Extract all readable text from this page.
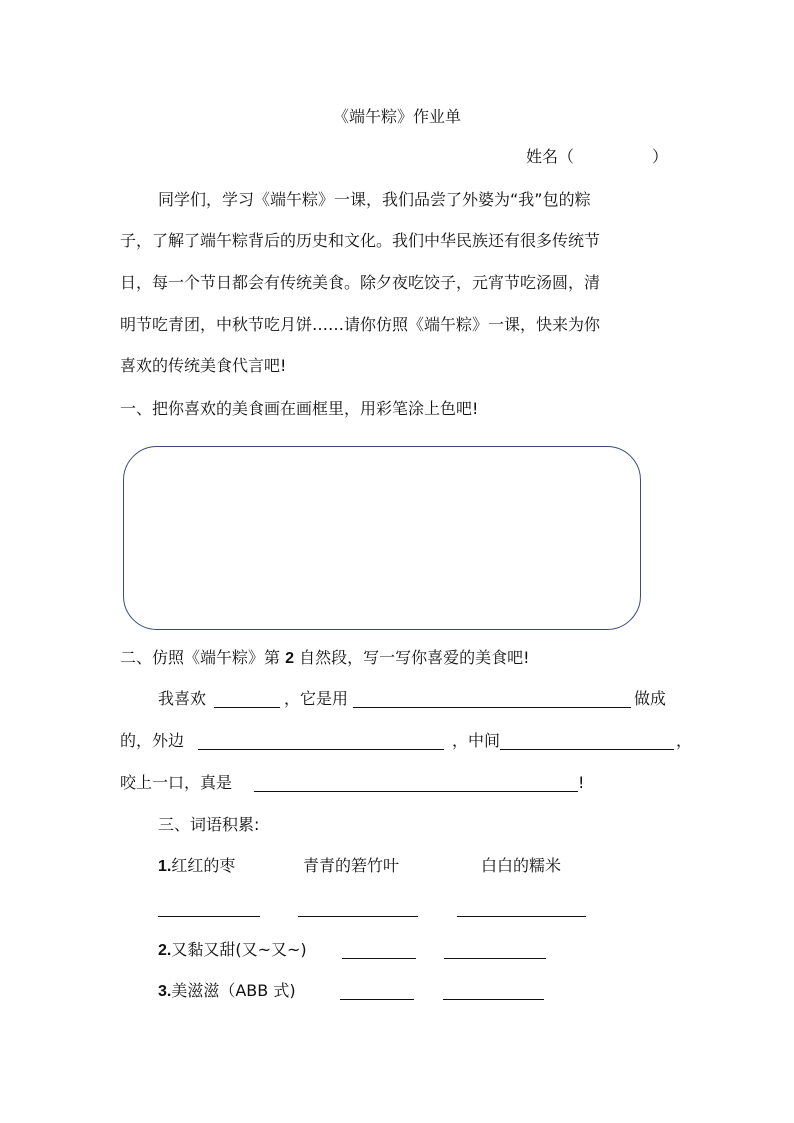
《端午粽》作业单
姓名（	）
同学们，学习《端午粽》一课，我们品尝了外婆为“我”包的粽
子，了解了端午粽背后的历史和文化。我们中华民族还有很多传统节
日，每一个节日都会有传统美食。除夕夜吃饺子，元宵节吃汤圆，清
明节吃青团，中秋节吃月饼……请你仿照《端午粽》一课，快来为你
喜欢的传统美食代言吧!
一、把你喜欢的美食画在画框里，用彩笔涂上色吧!
二、仿照《端午粽》第 2 自然段，写一写你喜爱的美食吧!
我喜欢	，它是用	做成
的，外边	，中间	，
咬上一口，真是	!
三、词语积累:
1.红红的枣	青青的箬竹叶	白白的糯米
2.又黏又甜(又~又~)
3.美滋滋（ABB 式)
